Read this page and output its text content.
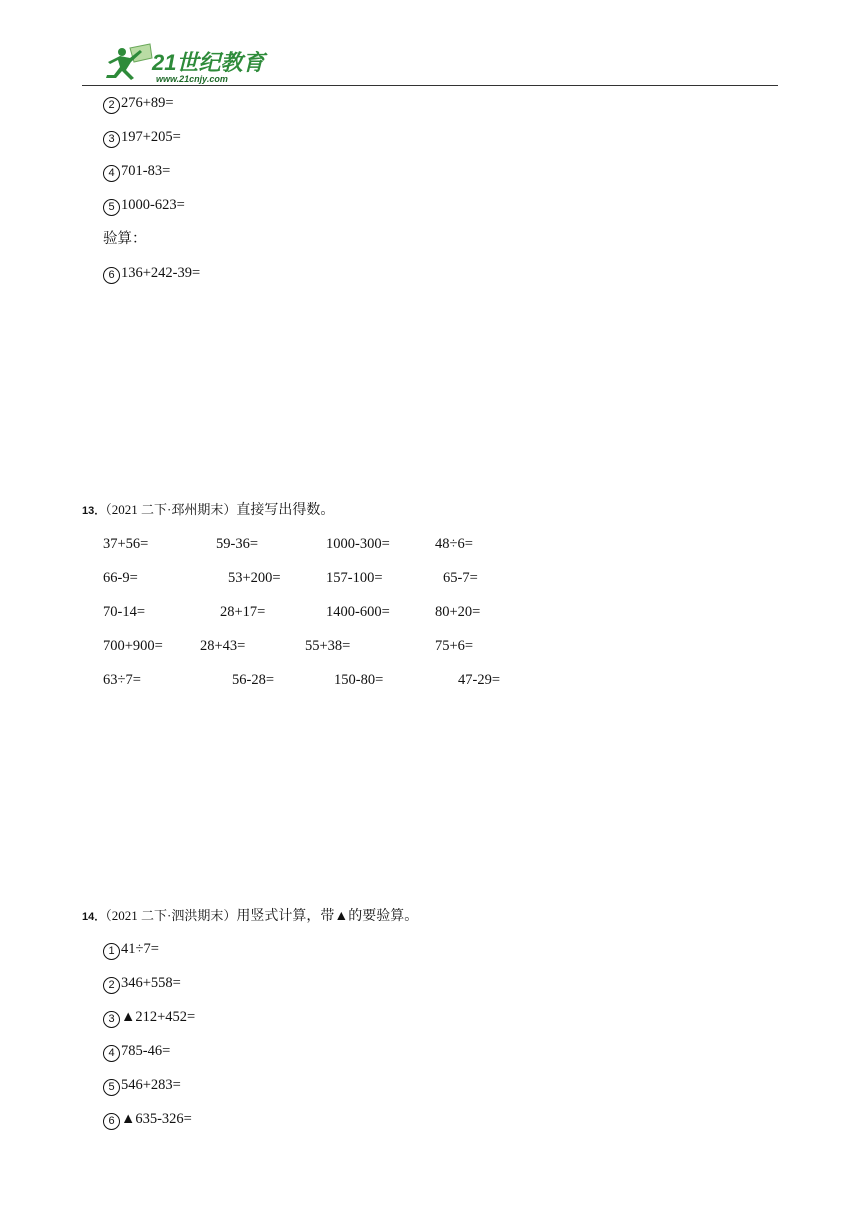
21世纪教育
www.21cnjy.com
2 276+89=
3 197+205=
4 701-83=
5 1000-623=
验算：
6 136+242-39=
13．（2021 二下·邳州期末）直接写出得数。
37+56=	59-36=	1000-300=	48÷6=
66-9=	53+200=	157-100=	65-7=
70-14=	28+17=	1400-600=	80+20=
700+900=	28+43=	55+38=	75+6=
63÷7=	56-28=	150-80=	47-29=
14．（2021 二下·泗洪期末）用竖式计算，带▲的要验算。
1 41÷7=
2 346+558=
3 ▲212+452=
4 785-46=
5 546+283=
6 ▲635-326=
